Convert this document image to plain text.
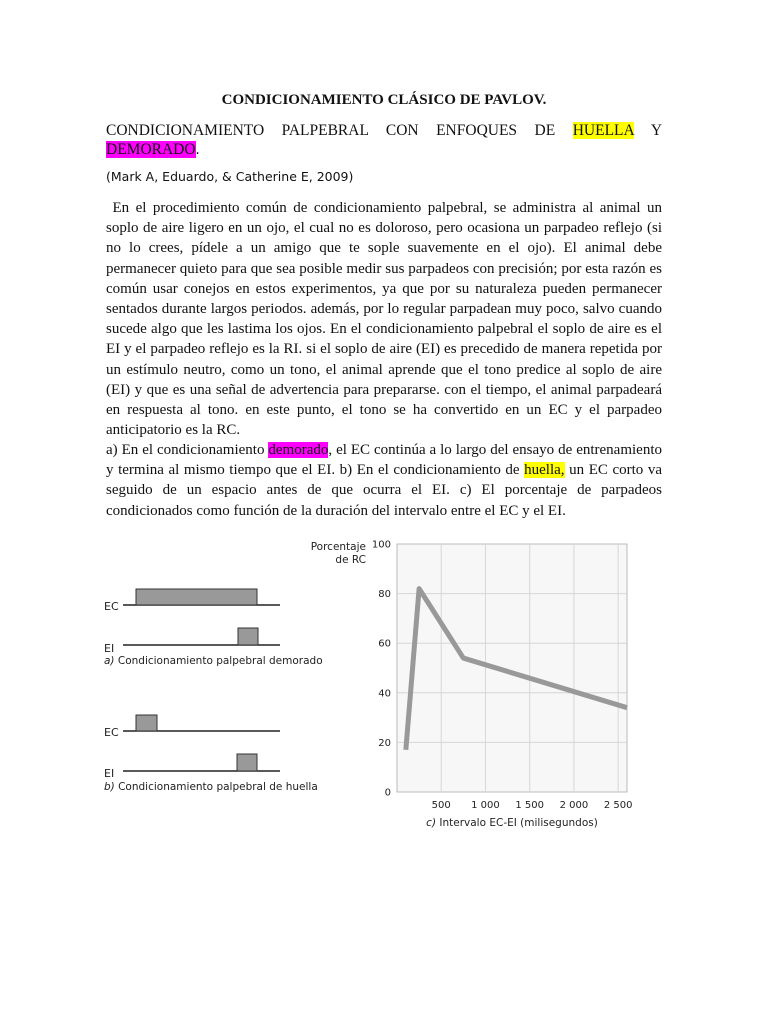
CONDICIONAMIENTO CLÁSICO DE PAVLOV.
CONDICIONAMIENTO PALPEBRAL CON ENFOQUES DE HUELLA Y
DEMORADO.
(Mark A, Eduardo, & Catherine E, 2009)

En el procedimiento común de condicionamiento palpebral, se administra al animal un soplo de aire ligero en un ojo, el cual no es doloroso, pero ocasiona un parpadeo reflejo (si no lo crees, pídele a un amigo que te sople suavemente en el ojo). El animal debe permanecer quieto para que sea posible medir sus parpadeos con precisión; por esta razón es común usar conejos en estos experimentos, ya que por su naturaleza pueden permanecer sentados durante largos periodos. además, por lo regular parpadean muy poco, salvo cuando sucede algo que les lastima los ojos. En el condicionamiento palpebral el soplo de aire es el EI y el parpadeo reflejo es la RI. si el soplo de aire (EI) es precedido de manera repetida por un estímulo neutro, como un tono, el animal aprende que el tono predice al soplo de aire (EI) y que es una señal de advertencia para prepararse. con el tiempo, el animal parpadeará en respuesta al tono. en este punto, el tono se ha convertido en un EC y el parpadeo anticipatorio es la RC.

a) En el condicionamiento demorado, el EC continúa a lo largo del ensayo de entrenamiento y termina al mismo tiempo que el EI. b) En el condicionamiento de huella, un EC corto va seguido de un espacio antes de que ocurra el EI. c) El porcentaje de parpadeos condicionados como función de la duración del intervalo entre el EC y el EI.

EC
EI
a) Condicionamiento palpebral demorado
EC
EI
b) Condicionamiento palpebral de huella
Porcentaje
de RC
0
20
40
60
80
100
500 1 000 1 500 2 000 2 500
c) Intervalo EC-EI (milisegundos)
